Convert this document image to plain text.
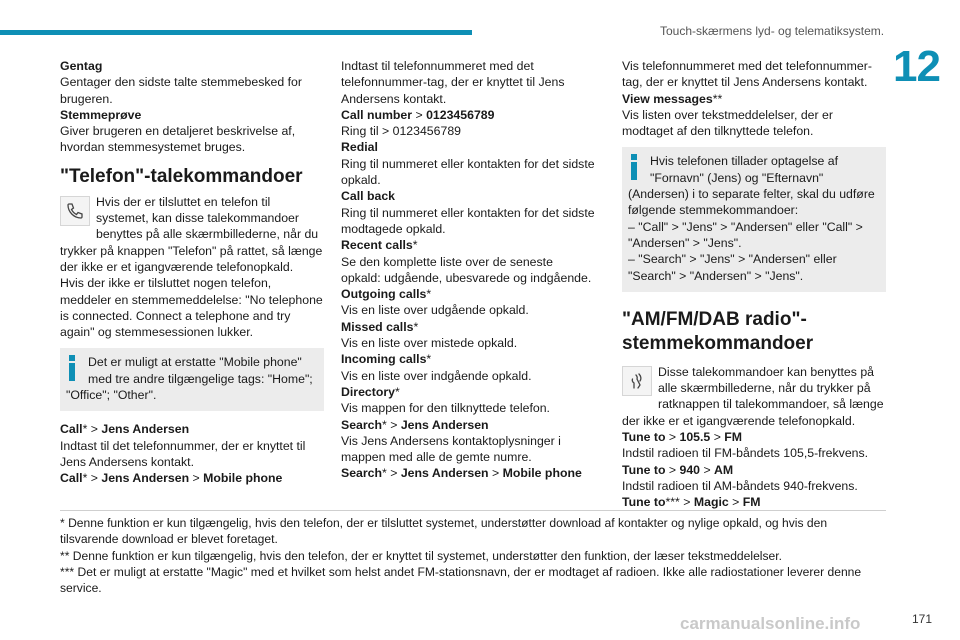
Touch-skærmens lyd- og telematiksystem.
12

Gentag

Gentager den sidste talte stemmebesked for brugeren.

Stemmeprøve

Giver brugeren en detaljeret beskrivelse af, hvordan stemmesystemet bruges.

"Telefon"-talekommandoer

Hvis der er tilsluttet en telefon til systemet, kan disse talekommandoer benyttes på alle skærmbillederne, når du trykker på knappen "Telefon" på rattet, så længe der ikke er et igangværende telefonopkald.

Hvis der ikke er tilsluttet nogen telefon, meddeler en stemmemeddelelse: "No telephone is connected. Connect a telephone and try again" og stemmesessionen lukker.

Det er muligt at erstatte "Mobile phone" med tre andre tilgængelige tags: "Home"; "Office"; "Other".

Call* > Jens Andersen

Indtast til det telefonnummer, der er knyttet til Jens Andersens kontakt.

Call* > Jens Andersen > Mobile phone

Indtast til telefonnummeret med det telefonnummer-tag, der er knyttet til Jens Andersens kontakt.

Call number > 0123456789

Ring til > 0123456789

Redial

Ring til nummeret eller kontakten for det sidste opkald.

Call back

Ring til nummeret eller kontakten for det sidste modtagede opkald.

Recent calls*

Se den komplette liste over de seneste opkald: udgående, ubesvarede og indgående.

Outgoing calls*

Vis en liste over udgående opkald.

Missed calls*

Vis en liste over mistede opkald.

Incoming calls*

Vis en liste over indgående opkald.

Directory*

Vis mappen for den tilknyttede telefon.

Search* > Jens Andersen

Vis Jens Andersens kontaktoplysninger i mappen med alle de gemte numre.

Search* > Jens Andersen > Mobile phone

Vis telefonnummeret med det telefonnummer-tag, der er knyttet til Jens Andersens kontakt.

View messages**

Vis listen over tekstmeddelelser, der er modtaget af den tilknyttede telefon.

Hvis telefonen tillader optagelse af "Fornavn" (Jens) og "Efternavn" (Andersen) i to separate felter, skal du udføre følgende stemmekommandoer:

– "Call" > "Jens" > "Andersen" eller "Call" > "Andersen" > "Jens".

– "Search" > "Jens" > "Andersen" eller "Search" > "Andersen" > "Jens".

"AM/FM/DAB radio"-stemmekommandoer

Disse talekommandoer kan benyttes på alle skærmbillederne, når du trykker på ratknappen til talekommandoer, så længe der ikke er et igangværende telefonopkald.

Tune to > 105.5 > FM

Indstil radioen til FM-båndets 105,5-frekvens.

Tune to > 940 > AM

Indstil radioen til AM-båndets 940-frekvens.

Tune to*** > Magic > FM

* Denne funktion er kun tilgængelig, hvis den telefon, der er tilsluttet systemet, understøtter download af kontakter og nylige opkald, og hvis den tilsvarende download er blevet foretaget.

** Denne funktion er kun tilgængelig, hvis den telefon, der er knyttet til systemet, understøtter den funktion, der læser tekstmeddelelser.

*** Det er muligt at erstatte "Magic" med et hvilket som helst andet FM-stationsnavn, der er modtaget af radioen. Ikke alle radiostationer leverer denne service.

carmanualsonline.info	171
